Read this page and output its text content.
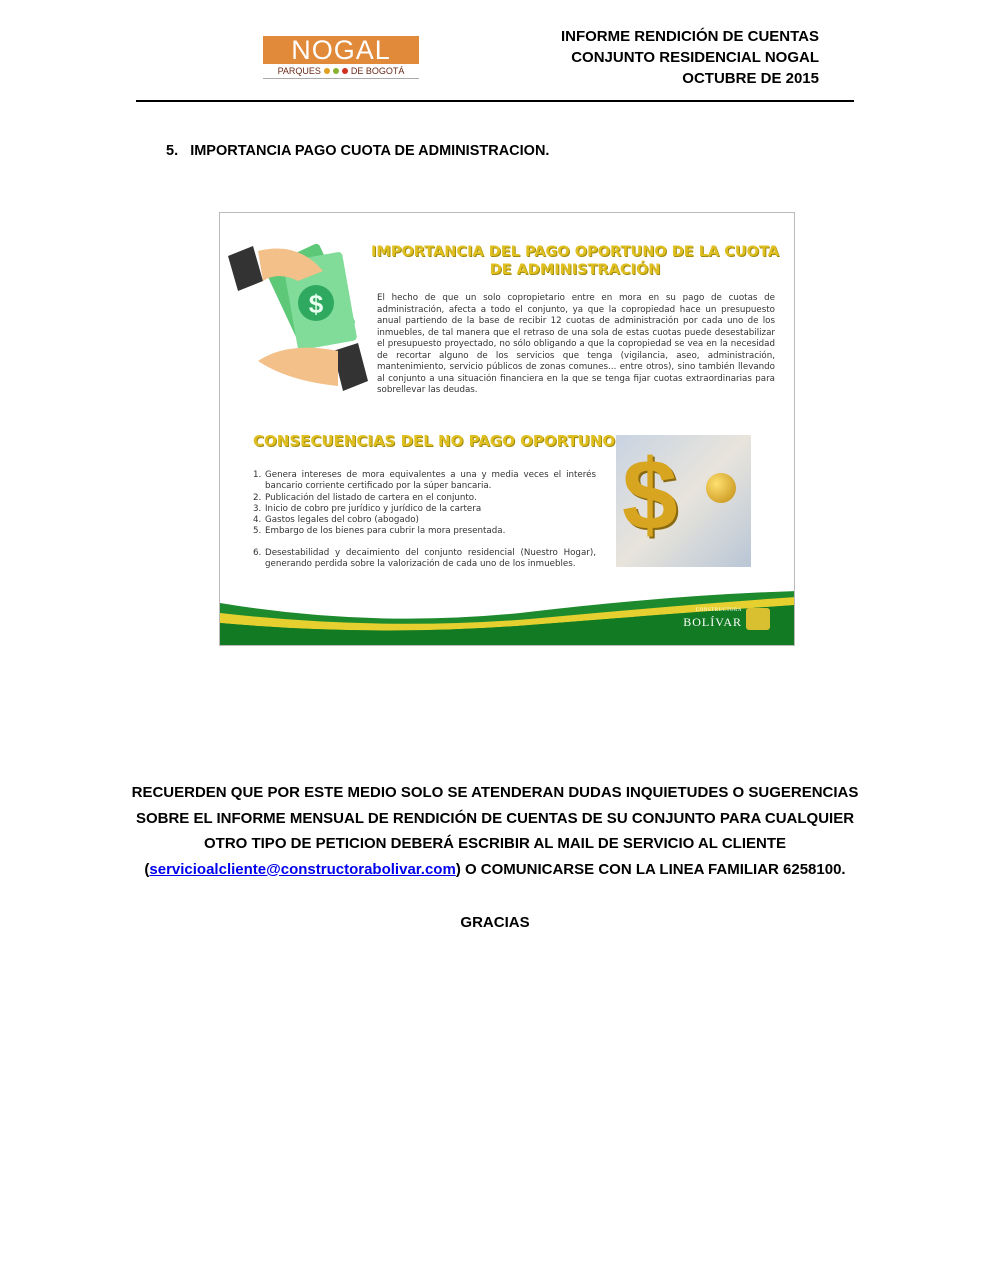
NOGAL
PARQUES	DE BOGOTÁ
INFORME RENDICIÓN DE CUENTAS
CONJUNTO RESIDENCIAL NOGAL
OCTUBRE DE 2015
5. IMPORTANCIA PAGO CUOTA DE ADMINISTRACION.
$
IMPORTANCIA DEL PAGO OPORTUNO DE LA CUOTA DE ADMINISTRACIÓN
El hecho de que un solo copropietario entre en mora en su pago de cuotas de administración, afecta a todo el conjunto, ya que la copropiedad hace un presupuesto anual partiendo de la base de recibir 12 cuotas de administración por cada uno de los inmuebles, de tal manera que el retraso de una sola de estas cuotas puede desestabilizar el presupuesto proyectado, no sólo obligando a que la copropiedad se vea en la necesidad de recortar alguno de los servicios que tenga (vigilancia, aseo, administración, mantenimiento, servicio públicos de zonas comunes... entre otros), sino también llevando al conjunto a una situación financiera en la que se tenga fijar cuotas extraordinarias para sobrellevar las deudas.
CONSECUENCIAS DEL NO PAGO OPORTUNO
1. Genera intereses de mora equivalentes a una y media veces el interés bancario corriente certificado por la súper bancaria.
2. Publicación del listado de cartera en el conjunto.
3. Inicio de cobro pre jurídico y jurídico de la cartera
4. Gastos legales del cobro (abogado)
5. Embargo de los bienes para cubrir la mora presentada.
6. Desestabilidad y decaimiento del conjunto residencial (Nuestro Hogar), generando perdida sobre la valorización de cada uno de los inmuebles.
$
CONSTRUCTORA
BOLÍVAR
RECUERDEN QUE POR ESTE MEDIO SOLO SE ATENDERAN DUDAS INQUIETUDES O SUGERENCIAS SOBRE EL INFORME MENSUAL DE RENDICIÓN DE CUENTAS DE SU CONJUNTO PARA CUALQUIER OTRO TIPO DE PETICION DEBERÁ ESCRIBIR AL MAIL DE SERVICIO AL CLIENTE (servicioalcliente@constructorabolivar.com) O COMUNICARSE CON LA LINEA FAMILIAR 6258100.
GRACIAS
